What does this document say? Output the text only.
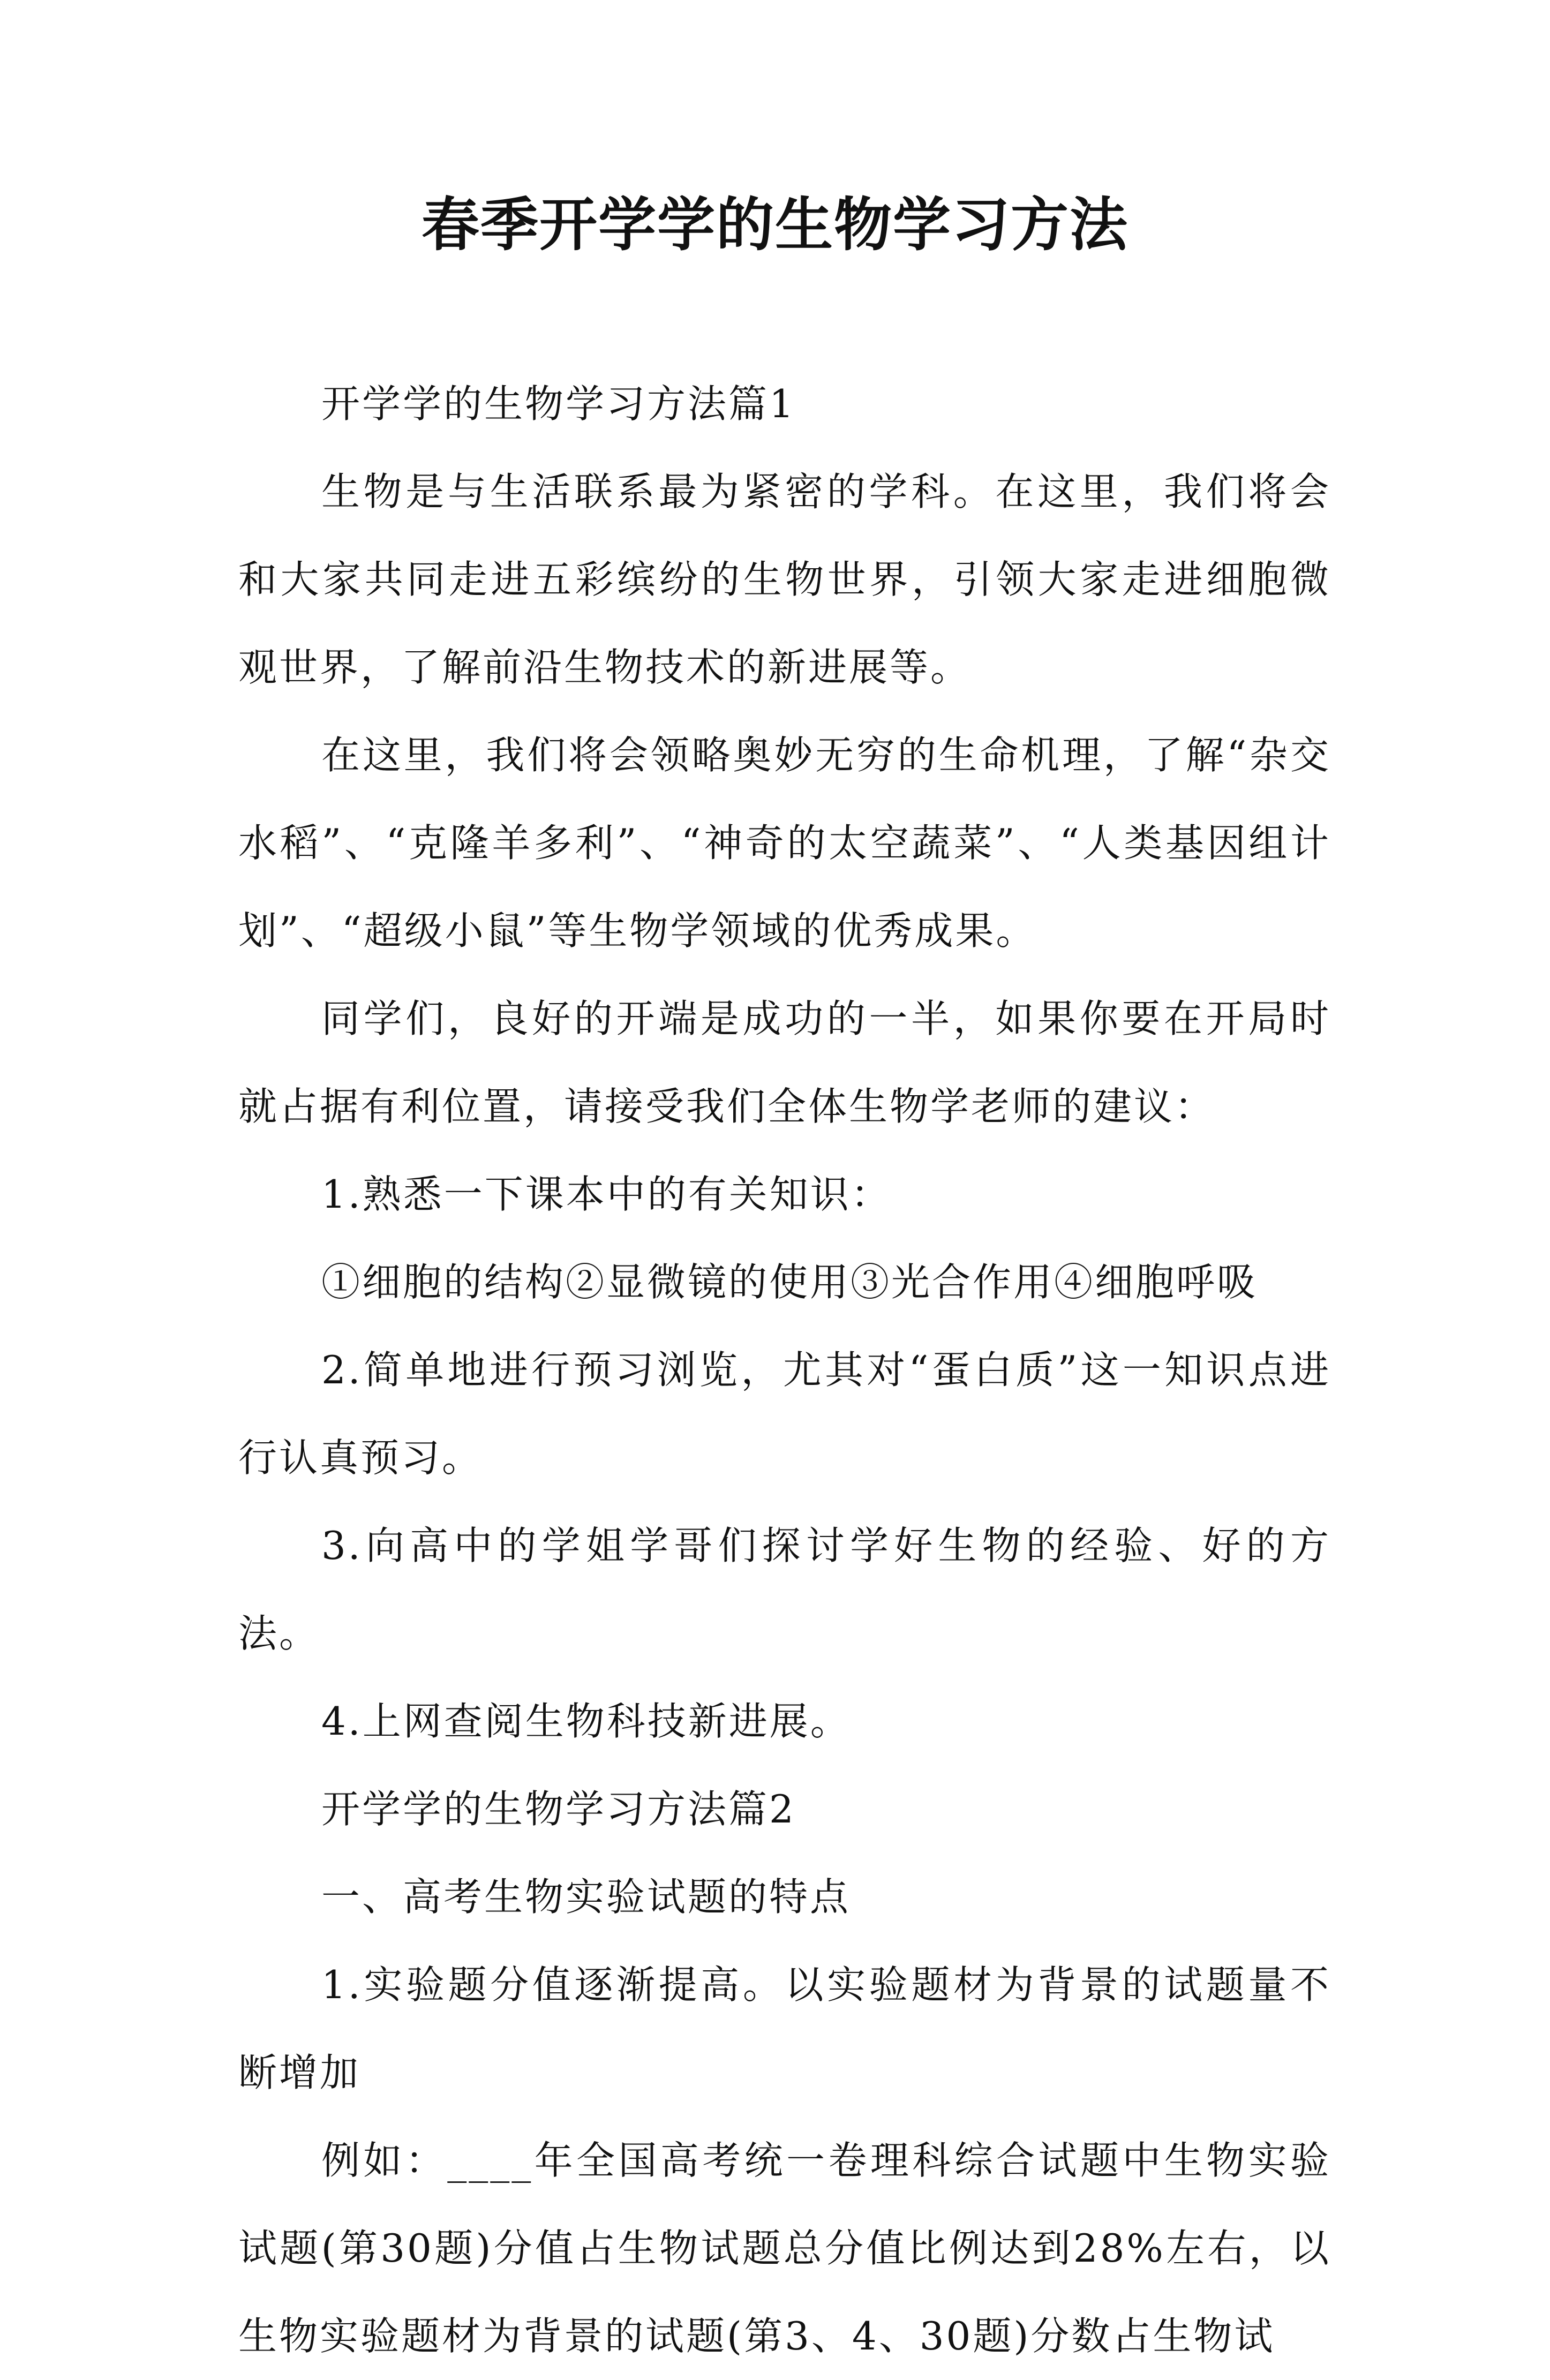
春季开学学的生物学习方法

开学学的生物学习方法篇1

生物是与生活联系最为紧密的学科。在这里，我们将会和大家共同走进五彩缤纷的生物世界，引领大家走进细胞微观世界，了解前沿生物技术的新进展等。

在这里，我们将会领略奥妙无穷的生命机理，了解“杂交水稻”、“克隆羊多利”、“神奇的太空蔬菜”、“人类基因组计划”、“超级小鼠”等生物学领域的优秀成果。

同学们，良好的开端是成功的一半，如果你要在开局时就占据有利位置，请接受我们全体生物学老师的建议：

1.熟悉一下课本中的有关知识：

①细胞的结构②显微镜的使用③光合作用④细胞呼吸

2.简单地进行预习浏览，尤其对“蛋白质”这一知识点进行认真预习。

3.向高中的学姐学哥们探讨学好生物的经验、好的方法。

4.上网查阅生物科技新进展。

开学学的生物学习方法篇2

一、高考生物实验试题的特点

1.实验题分值逐渐提高。以实验题材为背景的试题量不断增加

例如：____年全国高考统一卷理科综合试题中生物实验试题(第30题)分值占生物试题总分值比例达到28%左右，以生物实验题材为背景的试题(第3、4、30题)分数占生物试
